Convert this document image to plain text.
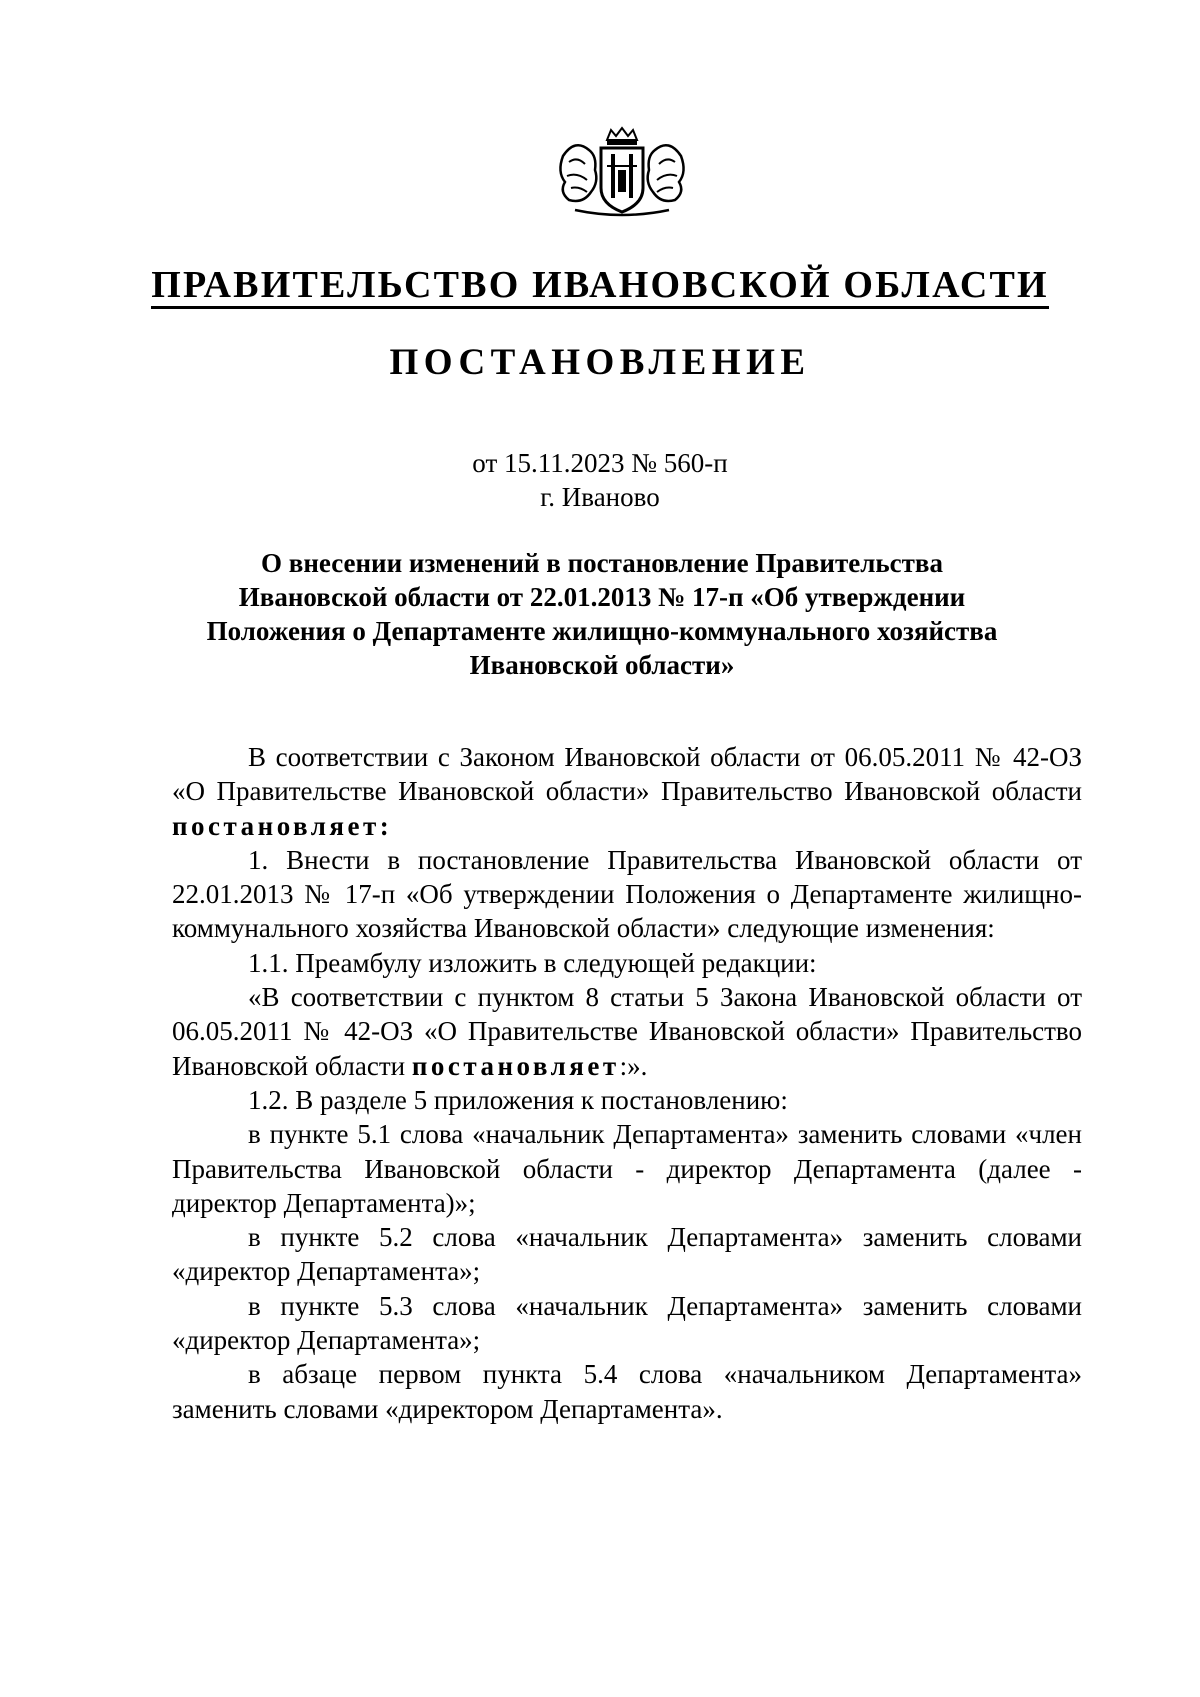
ПРАВИТЕЛЬСТВО ИВАНОВСКОЙ ОБЛАСТИ
ПОСТАНОВЛЕНИЕ
от 15.11.2023 № 560-п
г. Иваново
О внесении изменений в постановление Правительства
Ивановской области от 22.01.2013 № 17-п «Об утверждении
Положения о Департаменте жилищно-коммунального хозяйства
Ивановской области»

В соответствии с Законом Ивановской области от 06.05.2011 № 42-ОЗ «О Правительстве Ивановской области» Правительство Ивановской области постановляет:

1. Внести в постановление Правительства Ивановской области от 22.01.2013 № 17-п «Об утверждении Положения о Департаменте жилищно-коммунального хозяйства Ивановской области» следующие изменения:

1.1. Преамбулу изложить в следующей редакции:

«В соответствии с пунктом 8 статьи 5 Закона Ивановской области от 06.05.2011 № 42-ОЗ «О Правительстве Ивановской области» Правительство Ивановской области постановляет:».

1.2. В разделе 5 приложения к постановлению:

в пункте 5.1 слова «начальник Департамента» заменить словами «член Правительства Ивановской области - директор Департамента (далее - директор Департамента)»;

в пункте 5.2 слова «начальник Департамента» заменить словами «директор Департамента»;

в пункте 5.3 слова «начальник Департамента» заменить словами «директор Департамента»;

в абзаце первом пункта 5.4 слова «начальником Департамента» заменить словами «директором Департамента».
